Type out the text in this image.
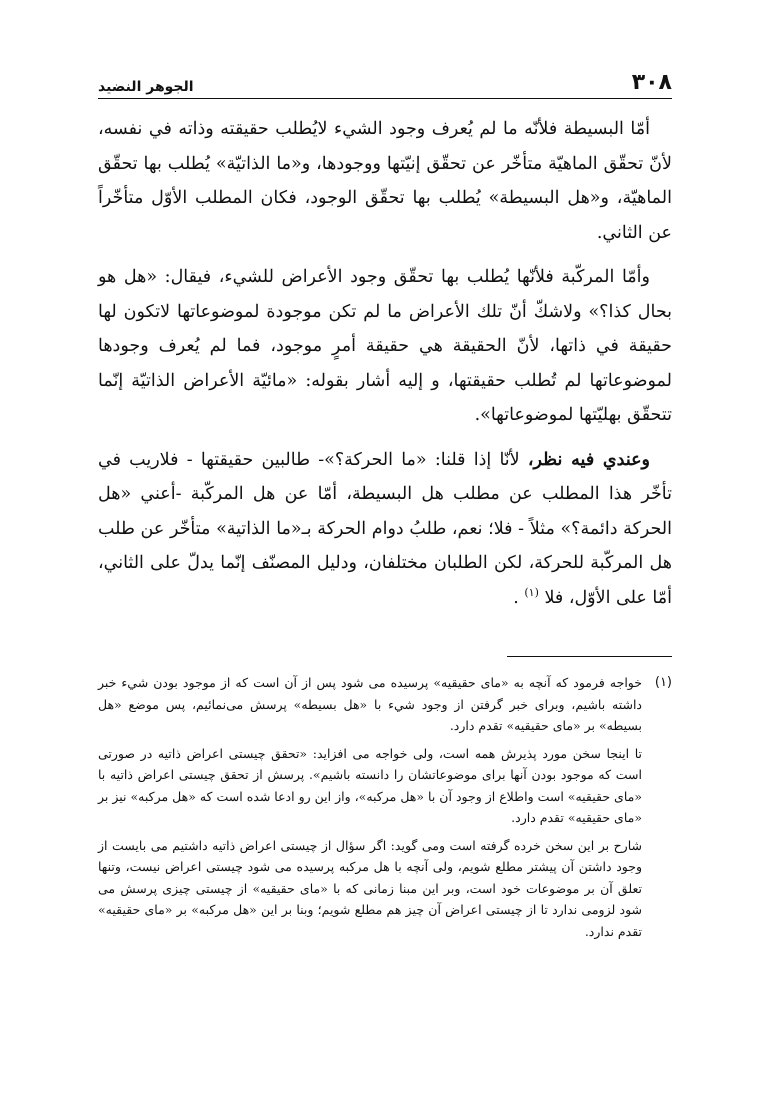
٣٠٨
الجوهر النضيد

أمّا البسيطة فلأنّه ما لم يُعرف وجود الشيء لايُطلب حقيقته وذاته في نفسه، لأنّ تحقّق الماهيّة متأخّر عن تحقّق إنيّتها ووجودها، و«ما الذاتيّة» يُطلب بها تحقّق الماهيّة، و«هل البسيطة» يُطلب بها تحقّق الوجود، فكان المطلب الأوّل متأخّراً عن الثاني.

وأمّا المركّبة فلأنّها يُطلب بها تحقّق وجود الأعراض للشيء، فيقال: «هل هو بحال كذا؟» ولاشكّ أنّ تلك الأعراض ما لم تكن موجودة لموضوعاتها لاتكون لها حقيقة في ذاتها، لأنّ الحقيقة هي حقيقة أمرٍ موجود، فما لم يُعرف وجودها لموضوعاتها لم تُطلب حقيقتها، و إليه أشار بقوله: «مائيّة الأعراض الذاتيّة إنّما تتحقّق بهليّتها لموضوعاتها».

وعندي فيه نظر، لأنّا إذا قلنا: «ما الحركة؟»- طالبين حقيقتها - فلاريب في تأخّر هذا المطلب عن مطلب هل البسيطة، أمّا عن هل المركّبة -أعني «هل الحركة دائمة؟» مثلاً - فلا؛ نعم، طلبُ دوام الحركة بـ«ما الذاتية» متأخّر عن طلب هل المركّبة للحركة، لكن الطلبان مختلفان، ودليل المصنّف إنّما يدلّ على الثاني، أمّا على الأوّل، فلا $^{(١)}$ .

(١)

خواجه فرمود كه آنچه به «ماى حقيقيه» پرسيده مى شود پس از آن است كه از موجود بودن شيء خبر داشته باشيم، وبراى خبر گرفتن از وجود شيء با «هل بسيطه» پرسش مى‌نمائيم، پس موضع «هل بسيطه» بر «ماى حقيقيه» تقدم دارد.

تا اينجا سخن مورد پذيرش همه است، ولى خواجه مى افزايد: «تحقق چيستى اعراض ذاتيه در صورتى است كه موجود بودن آنها براى موضوعاتشان را دانسته باشيم». پرسش از تحقق چيستى اعراض ذاتيه با «ماى حقيقيه» است واطلاع از وجود آن با «هل مركبه»، واز اين رو ادعا شده است كه «هل مركبه» نيز بر «ماى حقيقيه» تقدم دارد.

شارح بر اين سخن خرده گرفته است ومى گويد: اگر سؤال از چيستى اعراض ذاتيه داشتيم مى بايست از وجود داشتن آن پيشتر مطلع شويم، ولى آنچه با هل مركبه پرسيده مى شود چيستى اعراض نيست، وتنها تعلق آن بر موضوعات خود است، وبر اين مبنا زمانى كه با «ماى حقيقيه» از چيستى چيزى پرسش مى شود لزومى ندارد تا از چيستى اعراض آن چيز هم مطلع شويم؛ وبنا بر اين «هل مركبه» بر «ماى حقيقيه» تقدم ندارد.
